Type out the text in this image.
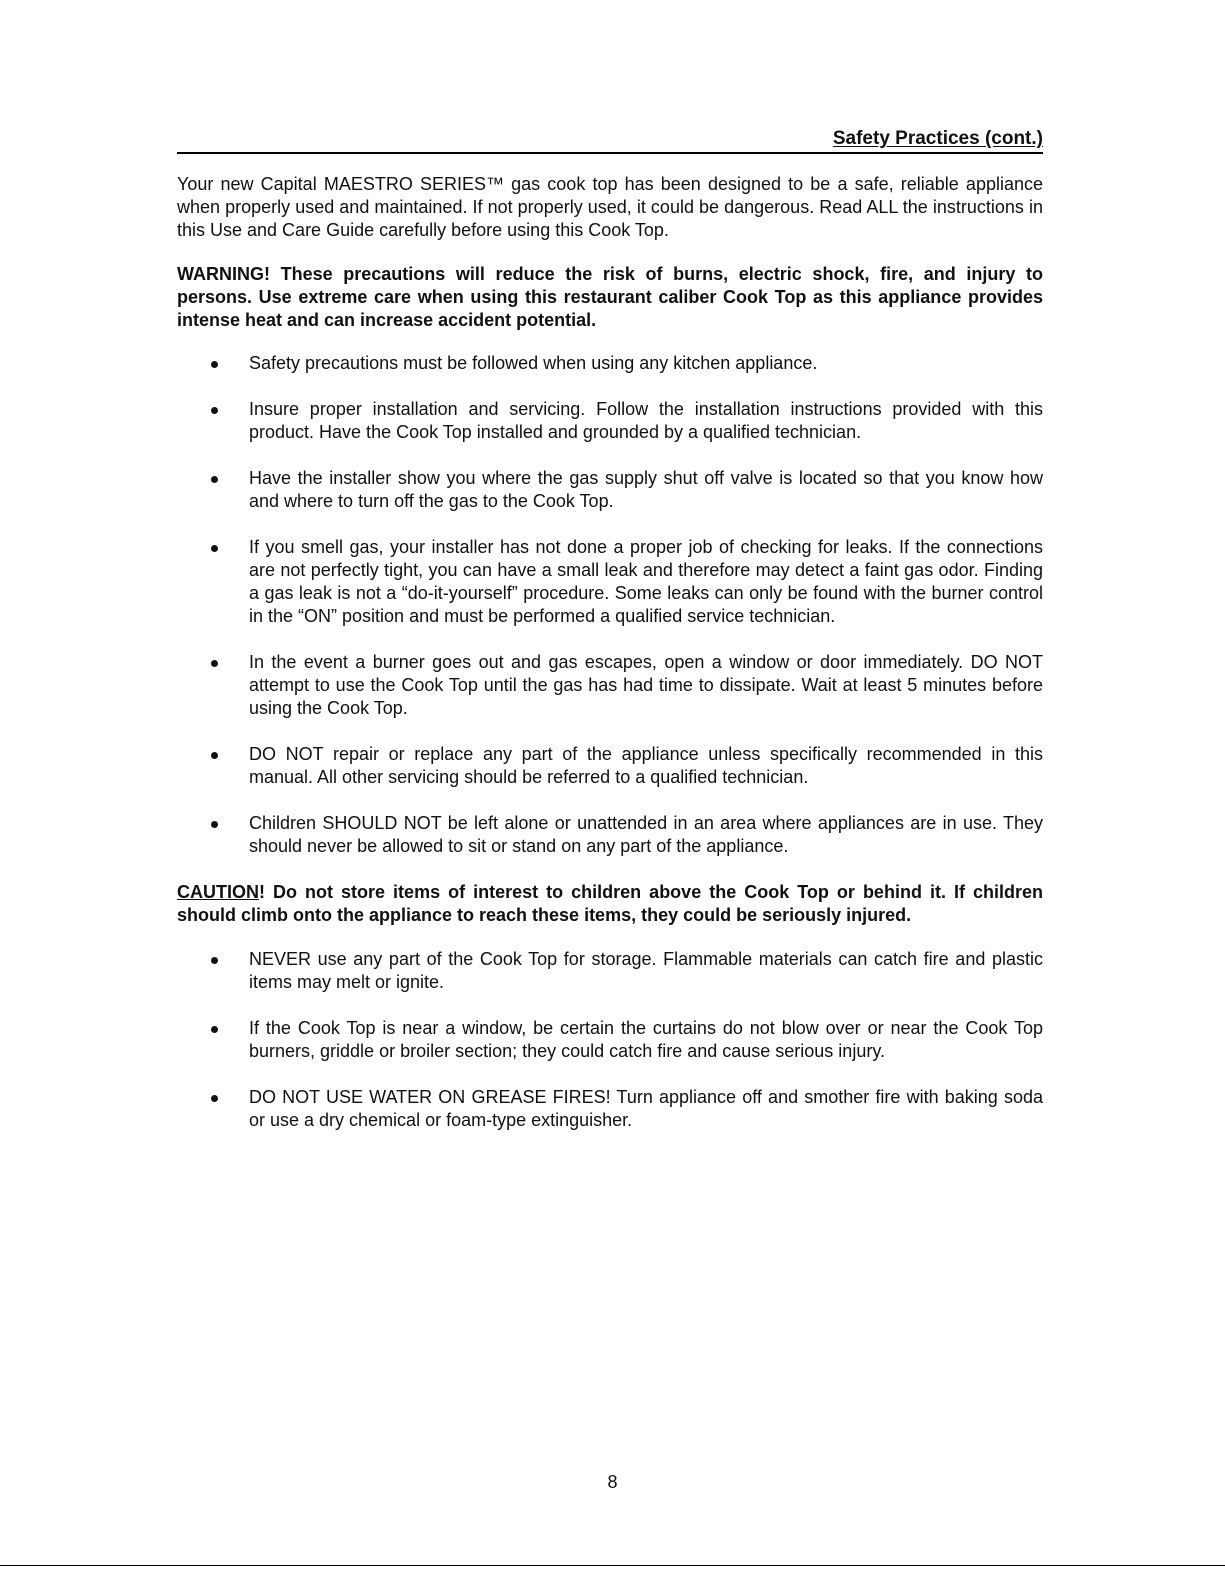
Safety Practices (cont.)

Your new Capital MAESTRO SERIES™ gas cook top has been designed to be a safe, reliable appliance when properly used and maintained. If not properly used, it could be dangerous. Read ALL the instructions in this Use and Care Guide carefully before using this Cook Top.

WARNING! These precautions will reduce the risk of burns, electric shock, fire, and injury to persons. Use extreme care when using this restaurant caliber Cook Top as this appliance provides intense heat and can increase accident potential.

Safety precautions must be followed when using any kitchen appliance.
Insure proper installation and servicing. Follow the installation instructions provided with this product. Have the Cook Top installed and grounded by a qualified technician.
Have the installer show you where the gas supply shut off valve is located so that you know how and where to turn off the gas to the Cook Top.
If you smell gas, your installer has not done a proper job of checking for leaks. If the connections are not perfectly tight, you can have a small leak and therefore may detect a faint gas odor. Finding a gas leak is not a “do-it-yourself” procedure. Some leaks can only be found with the burner control in the “ON” position and must be performed a qualified service technician.
In the event a burner goes out and gas escapes, open a window or door immediately. DO NOT attempt to use the Cook Top until the gas has had time to dissipate. Wait at least 5 minutes before using the Cook Top.
DO NOT repair or replace any part of the appliance unless specifically recommended in this manual. All other servicing should be referred to a qualified technician.
Children SHOULD NOT be left alone or unattended in an area where appliances are in use. They should never be allowed to sit or stand on any part of the appliance.

CAUTION! Do not store items of interest to children above the Cook Top or behind it. If children should climb onto the appliance to reach these items, they could be seriously injured.

NEVER use any part of the Cook Top for storage. Flammable materials can catch fire and plastic items may melt or ignite.
If the Cook Top is near a window, be certain the curtains do not blow over or near the Cook Top burners, griddle or broiler section; they could catch fire and cause serious injury.
DO NOT USE WATER ON GREASE FIRES! Turn appliance off and smother fire with baking soda or use a dry chemical or foam-type extinguisher.
8
